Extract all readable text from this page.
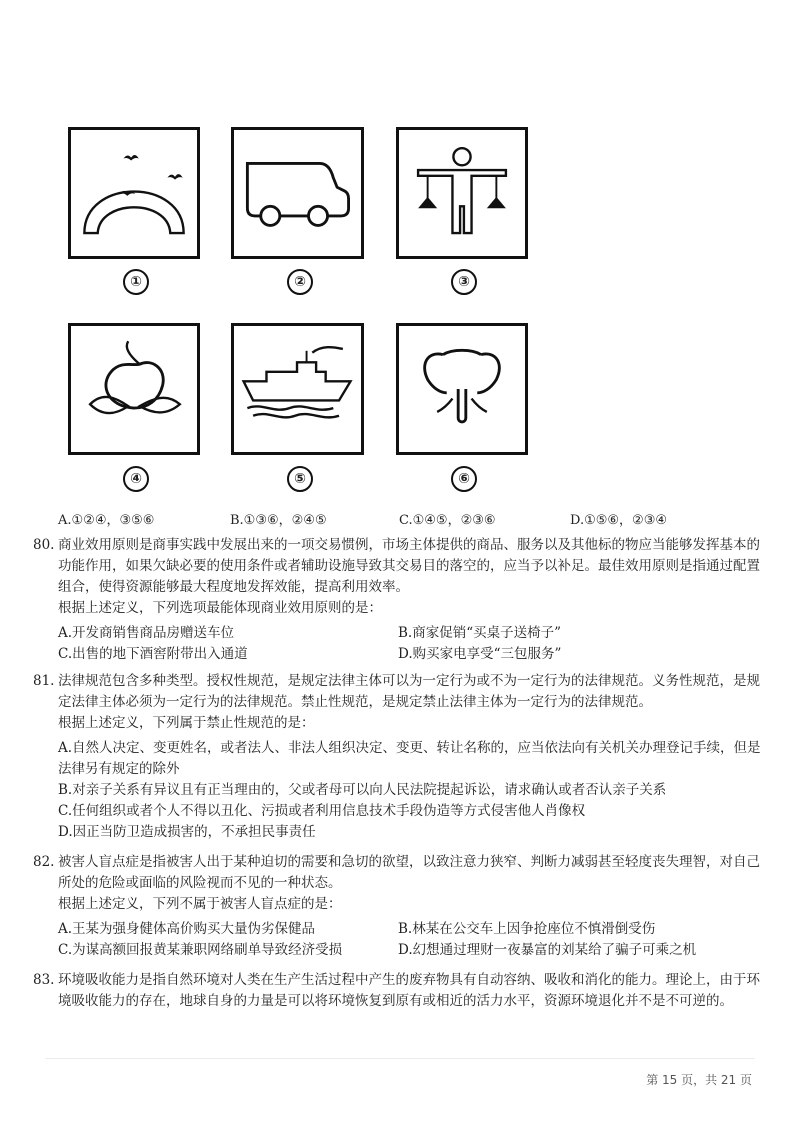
①	②	③
④	⑤	⑥
A.①②④，③⑤⑥	B.①③⑥，②④⑤	C.①④⑤，②③⑥	D.①⑤⑥，②③④
80. 商业效用原则是商事实践中发展出来的一项交易惯例，市场主体提供的商品、服务以及其他标的物应当能够发挥基本的功能作用，如果欠缺必要的使用条件或者辅助设施导致其交易目的落空的，应当予以补足。最佳效用原则是指通过配置组合，使得资源能够最大程度地发挥效能，提高利用效率。

根据上述定义，下列选项最能体现商业效用原则的是：

A.开发商销售商品房赠送车位	B.商家促销“买桌子送椅子”
C.出售的地下酒窖附带出入通道	D.购买家电享受“三包服务”
81. 法律规范包含多种类型。授权性规范，是规定法律主体可以为一定行为或不为一定行为的法律规范。义务性规范，是规定法律主体必须为一定行为的法律规范。禁止性规范，是规定禁止法律主体为一定行为的法律规范。

根据上述定义，下列属于禁止性规范的是：

A.自然人决定、变更姓名，或者法人、非法人组织决定、变更、转让名称的，应当依法向有关机关办理登记手续，但是法律另有规定的除外

B.对亲子关系有异议且有正当理由的，父或者母可以向人民法院提起诉讼，请求确认或者否认亲子关系

C.任何组织或者个人不得以丑化、污损或者利用信息技术手段伪造等方式侵害他人肖像权

D.因正当防卫造成损害的，不承担民事责任

82. 被害人盲点症是指被害人出于某种迫切的需要和急切的欲望，以致注意力狭窄、判断力减弱甚至轻度丧失理智，对自己所处的危险或面临的风险视而不见的一种状态。

根据上述定义，下列不属于被害人盲点症的是：

A.王某为强身健体高价购买大量伪劣保健品	B.林某在公交车上因争抢座位不慎滑倒受伤
C.为谋高额回报黄某兼职网络刷单导致经济受损	D.幻想通过理财一夜暴富的刘某给了骗子可乘之机
83. 环境吸收能力是指自然环境对人类在生产生活过程中产生的废弃物具有自动容纳、吸收和消化的能力。理论上，由于环境吸收能力的存在，地球自身的力量是可以将环境恢复到原有或相近的活力水平，资源环境退化并不是不可逆的。

第 15 页，共 21 页
